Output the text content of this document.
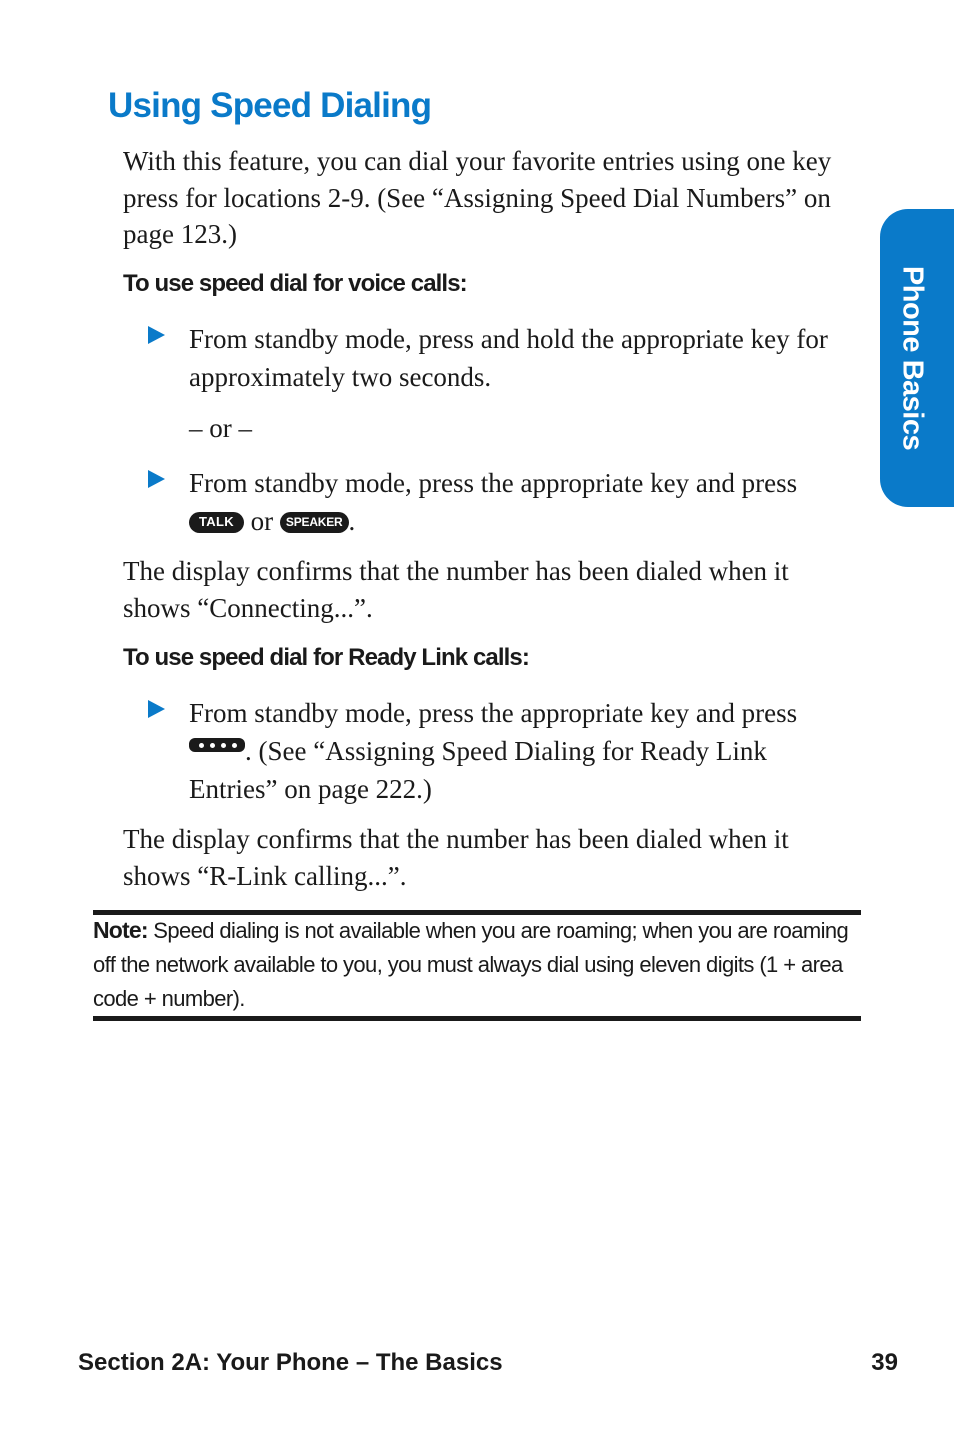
Using Speed Dialing

With this feature, you can dial your favorite entries using one key press for locations 2-9. (See “Assigning Speed Dial Numbers” on page 123.)

To use speed dial for voice calls:

From standby mode, press and hold the appropriate key for approximately two seconds.

– or –

From standby mode, press the appropriate key and press TALK or SPEAKER .

The display confirms that the number has been dialed when it shows “Connecting...”.

To use speed dial for Ready Link calls:

From standby mode, press the appropriate key and press
. (See “Assigning Speed Dialing for Ready Link Entries” on page 222.)

The display confirms that the number has been dialed when it shows “R-Link calling...”.

Note: Speed dialing is not available when you are roaming; when you are roaming off the network available to you, you must always dial using eleven digits (1 + area code + number).

Phone Basics
Section 2A: Your Phone – The Basics	39
